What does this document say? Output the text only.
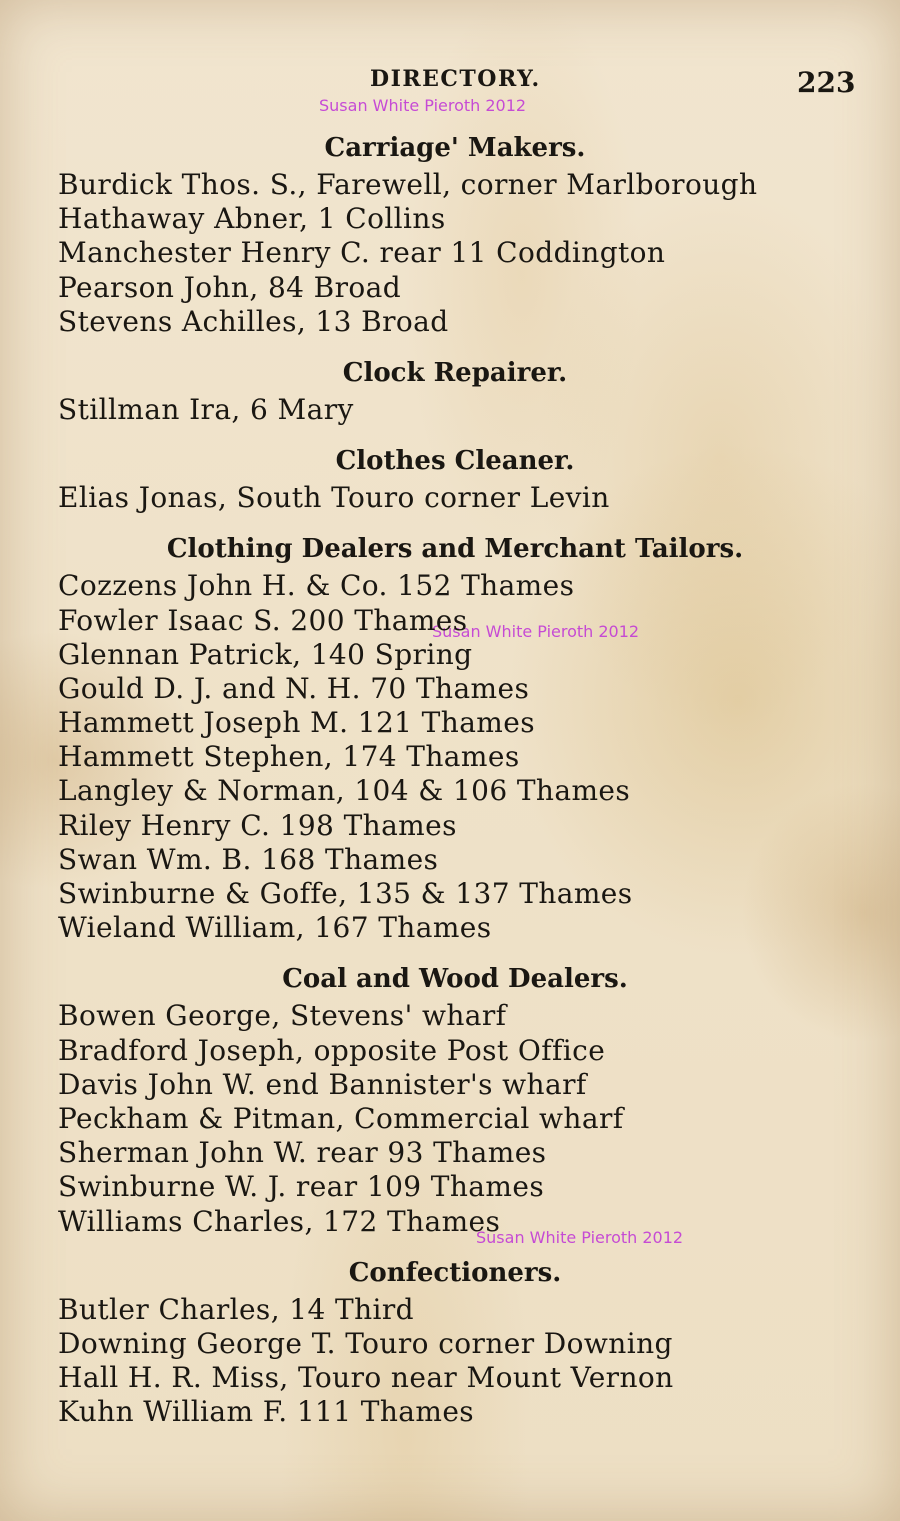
DIRECTORY.	223
Susan White Pieroth 2012
Susan White Pieroth 2012
Susan White Pieroth 2012
Carriage' Makers.
Burdick Thos. S., Farewell, corner Marlborough
Hathaway Abner, 1 Collins
Manchester Henry C. rear 11 Coddington
Pearson John, 84 Broad
Stevens Achilles, 13 Broad
Clock Repairer.
Stillman Ira, 6 Mary
Clothes Cleaner.
Elias Jonas, South Touro corner Levin
Clothing Dealers and Merchant Tailors.
Cozzens John H. & Co. 152 Thames
Fowler Isaac S. 200 Thames
Glennan Patrick, 140 Spring
Gould D. J. and N. H. 70 Thames
Hammett Joseph M. 121 Thames
Hammett Stephen, 174 Thames
Langley & Norman, 104 & 106 Thames
Riley Henry C. 198 Thames
Swan Wm. B. 168 Thames
Swinburne & Goffe, 135 & 137 Thames
Wieland William, 167 Thames
Coal and Wood Dealers.
Bowen George, Stevens' wharf
Bradford Joseph, opposite Post Office
Davis John W. end Bannister's wharf
Peckham & Pitman, Commercial wharf
Sherman John W. rear 93 Thames
Swinburne W. J. rear 109 Thames
Williams Charles, 172 Thames
Confectioners.
Butler Charles, 14 Third
Downing George T. Touro corner Downing
Hall H. R. Miss, Touro near Mount Vernon
Kuhn William F. 111 Thames
